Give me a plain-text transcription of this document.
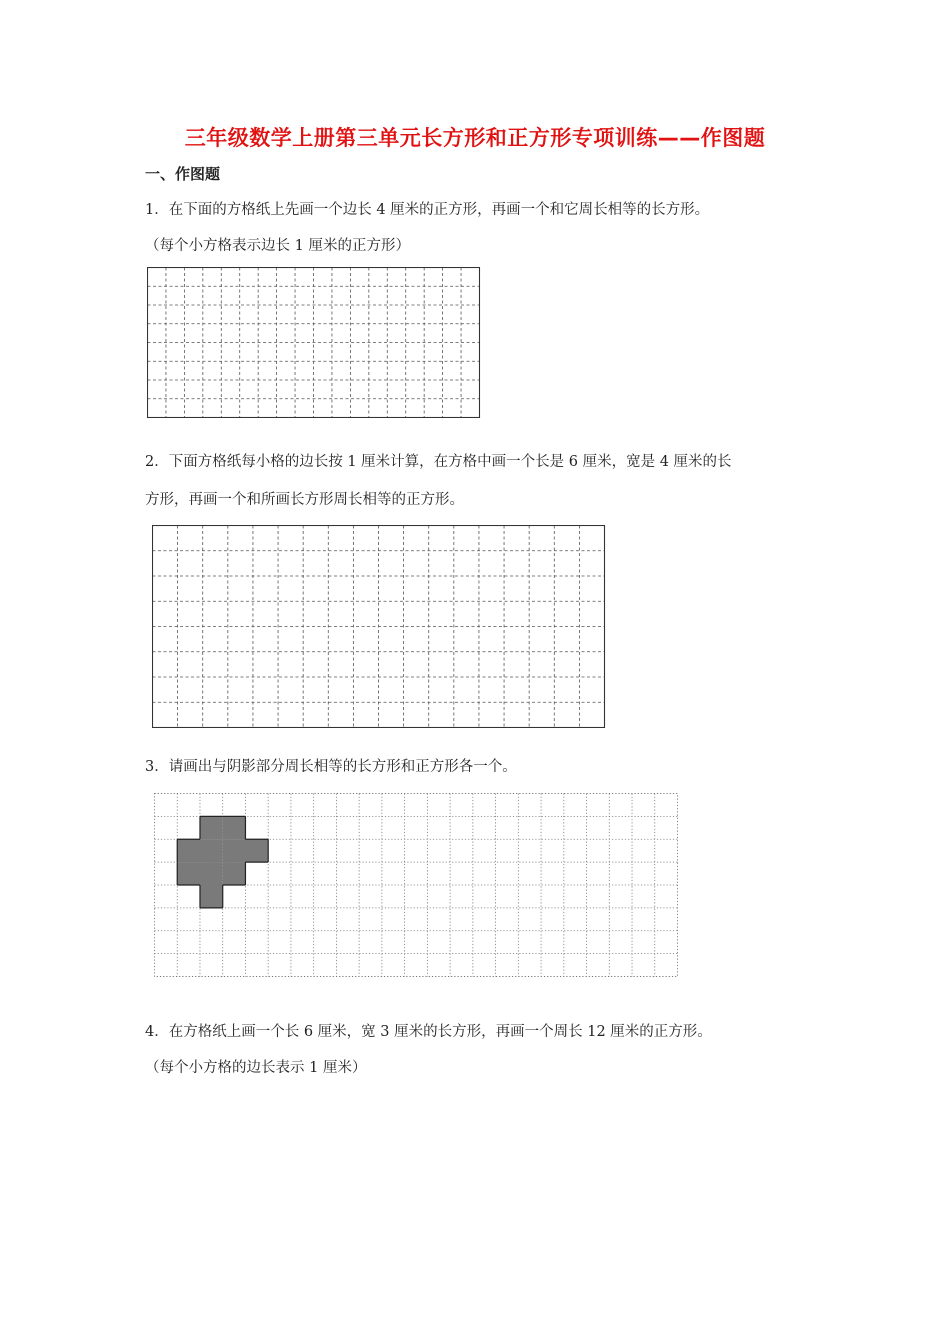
三年级数学上册第三单元长方形和正方形专项训练——作图题
一、作图题
1．在下面的方格纸上先画一个边长 4 厘米的正方形，再画一个和它周长相等的长方形。
（每个小方格表示边长 1 厘米的正方形）
2．下面方格纸每小格的边长按 1 厘米计算，在方格中画一个长是 6 厘米，宽是 4 厘米的长
方形，再画一个和所画长方形周长相等的正方形。
3．请画出与阴影部分周长相等的长方形和正方形各一个。
4．在方格纸上画一个长 6 厘米，宽 3 厘米的长方形，再画一个周长 12 厘米的正方形。
（每个小方格的边长表示 1 厘米）
